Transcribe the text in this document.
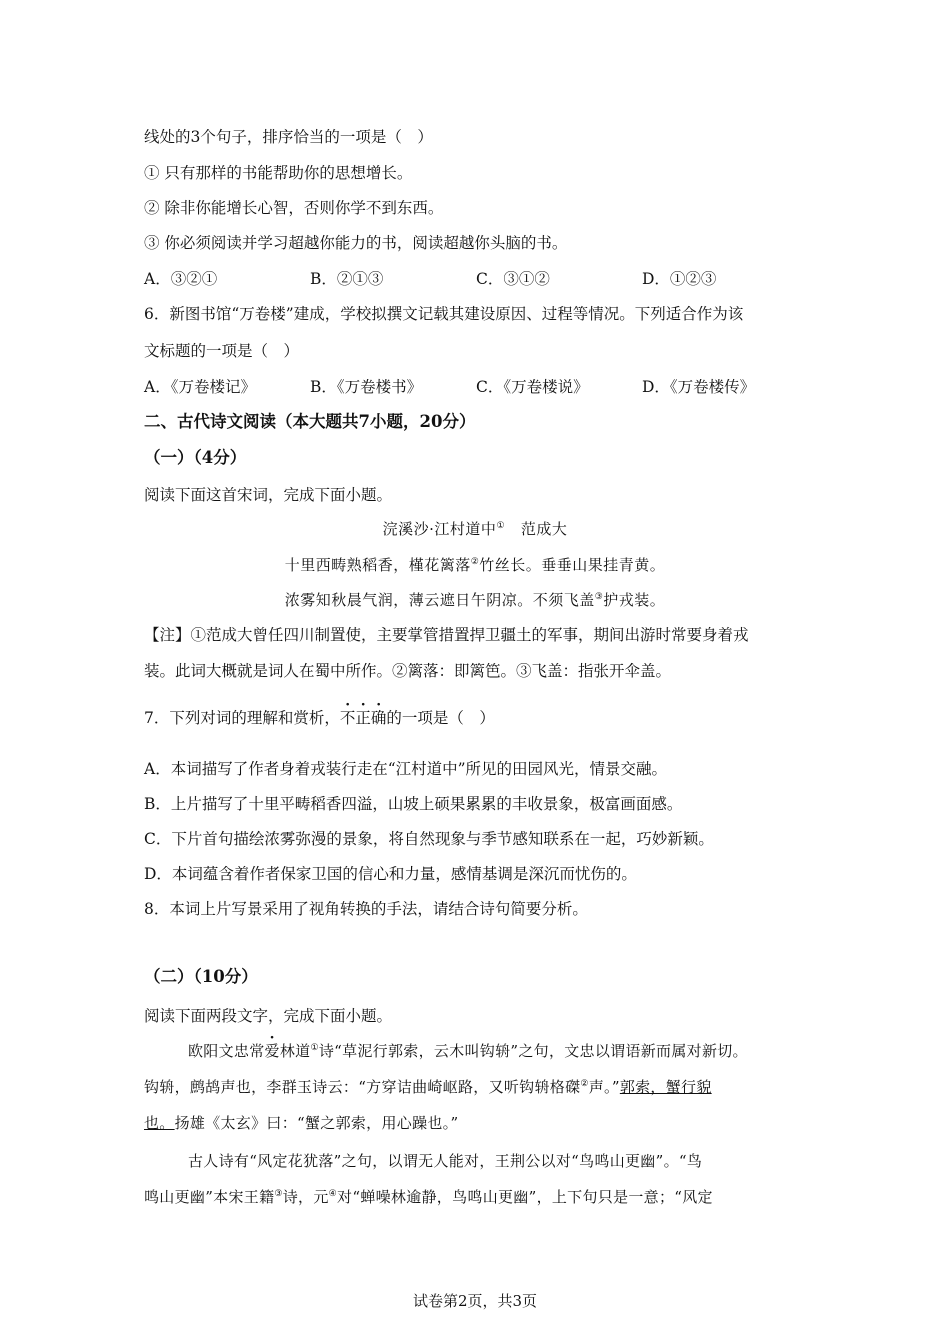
线处的3个句子，排序恰当的一项是（　）
① 只有那样的书能帮助你的思想增长。
② 除非你能增长心智，否则你学不到东西。
③ 你必须阅读并学习超越你能力的书，阅读超越你头脑的书。
A．③②①	B．②①③	C．③①②	D．①②③
6．新图书馆“万卷楼”建成，学校拟撰文记载其建设原因、过程等情况。下列适合作为该
文标题的一项是（　）
A．《万卷楼记》	B．《万卷楼书》	C．《万卷楼说》	D．《万卷楼传》
二、古代诗文阅读（本大题共7小题，20分）
（一）（4分）
阅读下面这首宋词，完成下面小题。
浣溪沙·江村道中① 范成大
十里西畴熟稻香，槿花篱落②竹丝长。垂垂山果挂青黄。
浓雾知秋晨气润，薄云遮日午阴凉。不须飞盖③护戎装。
【注】①范成大曾任四川制置使，主要掌管措置捍卫疆土的军事，期间出游时常要身着戎
装。此词大概就是词人在蜀中所作。②篱落：即篱笆。③飞盖：指张开伞盖。
7．下列对词的理解和赏析，不正确的一项是（　）
A．本词描写了作者身着戎装行走在“江村道中”所见的田园风光，情景交融。
B．上片描写了十里平畴稻香四溢，山坡上硕果累累的丰收景象，极富画面感。
C．下片首句描绘浓雾弥漫的景象，将自然现象与季节感知联系在一起，巧妙新颖。
D．本词蕴含着作者保家卫国的信心和力量，感情基调是深沉而忧伤的。
8．本词上片写景采用了视角转换的手法，请结合诗句简要分析。
（二）（10分）
阅读下面两段文字，完成下面小题。
欧阳文忠常爱林道①诗“草泥行郭索，云木叫钩辀”之句，文忠以谓语新而属对新切。
钩辀，鹧鸪声也，李群玉诗云：“方穿诘曲崎岖路，又听钩辀格磔②声。”郭索，蟹行貌
也。扬雄《太玄》曰：“蟹之郭索，用心躁也。”
古人诗有“风定花犹落”之句，以谓无人能对，王荆公以对“鸟鸣山更幽”。“鸟
鸣山更幽”本宋王籍③诗，元④对“蝉噪林逾静，鸟鸣山更幽”，上下句只是一意；“风定
试卷第2页，共3页
